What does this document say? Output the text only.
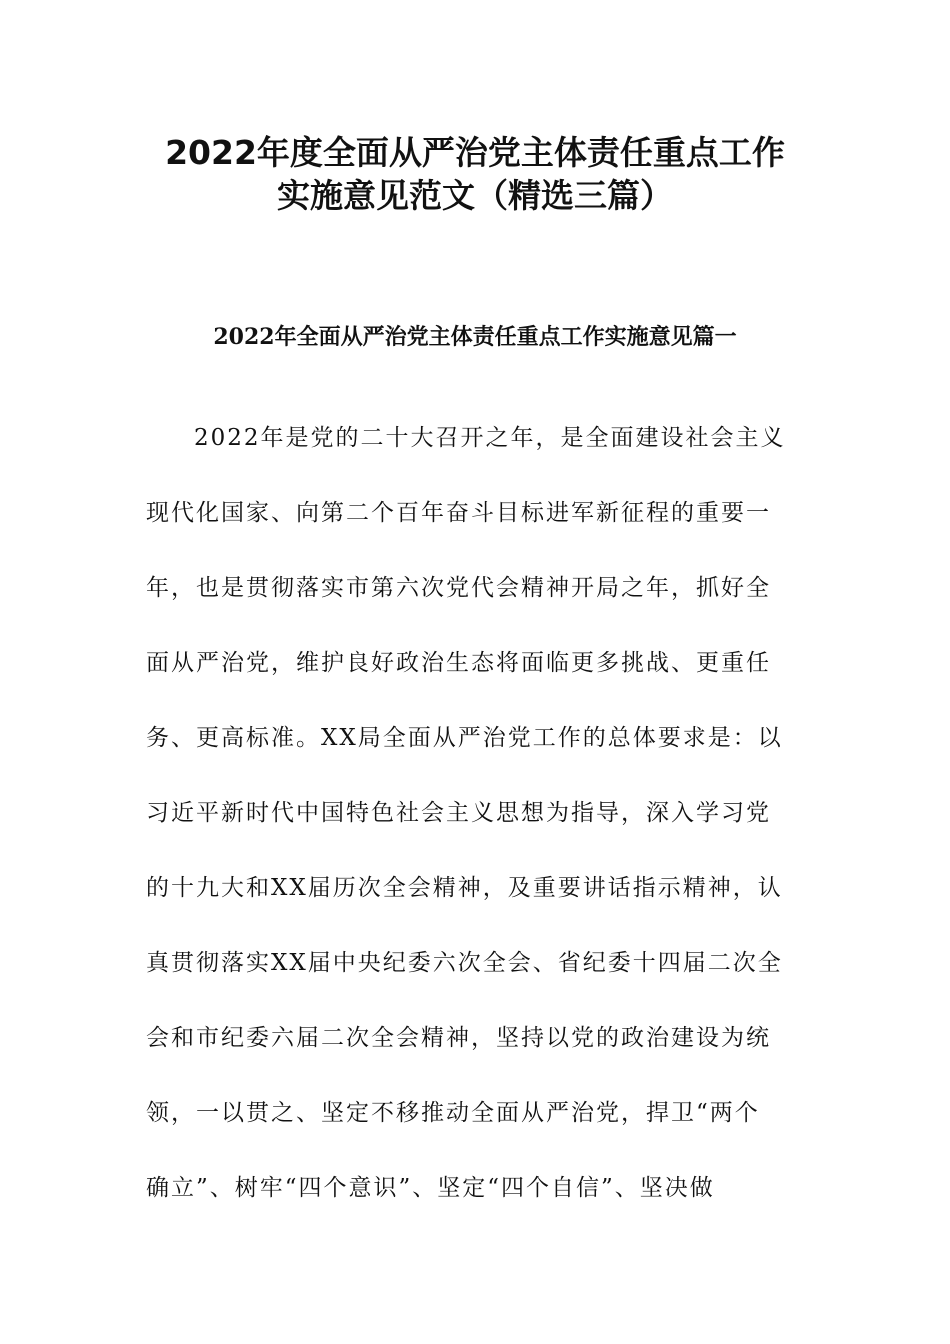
2022年度全面从严治党主体责任重点工作
实施意见范文（精选三篇）
2022年全面从严治党主体责任重点工作实施意见篇一
2022年是党的二十大召开之年，是全面建设社会主义
现代化国家、向第二个百年奋斗目标进军新征程的重要一
年，也是贯彻落实市第六次党代会精神开局之年，抓好全
面从严治党，维护良好政治生态将面临更多挑战、更重任
务、更高标准。XX局全面从严治党工作的总体要求是：以
习近平新时代中国特色社会主义思想为指导，深入学习党
的十九大和XX届历次全会精神，及重要讲话指示精神，认
真贯彻落实XX届中央纪委六次全会、省纪委十四届二次全
会和市纪委六届二次全会精神，坚持以党的政治建设为统
领，一以贯之、坚定不移推动全面从严治党，捍卫“两个
确立”、树牢“四个意识”、坚定“四个自信”、坚决做
